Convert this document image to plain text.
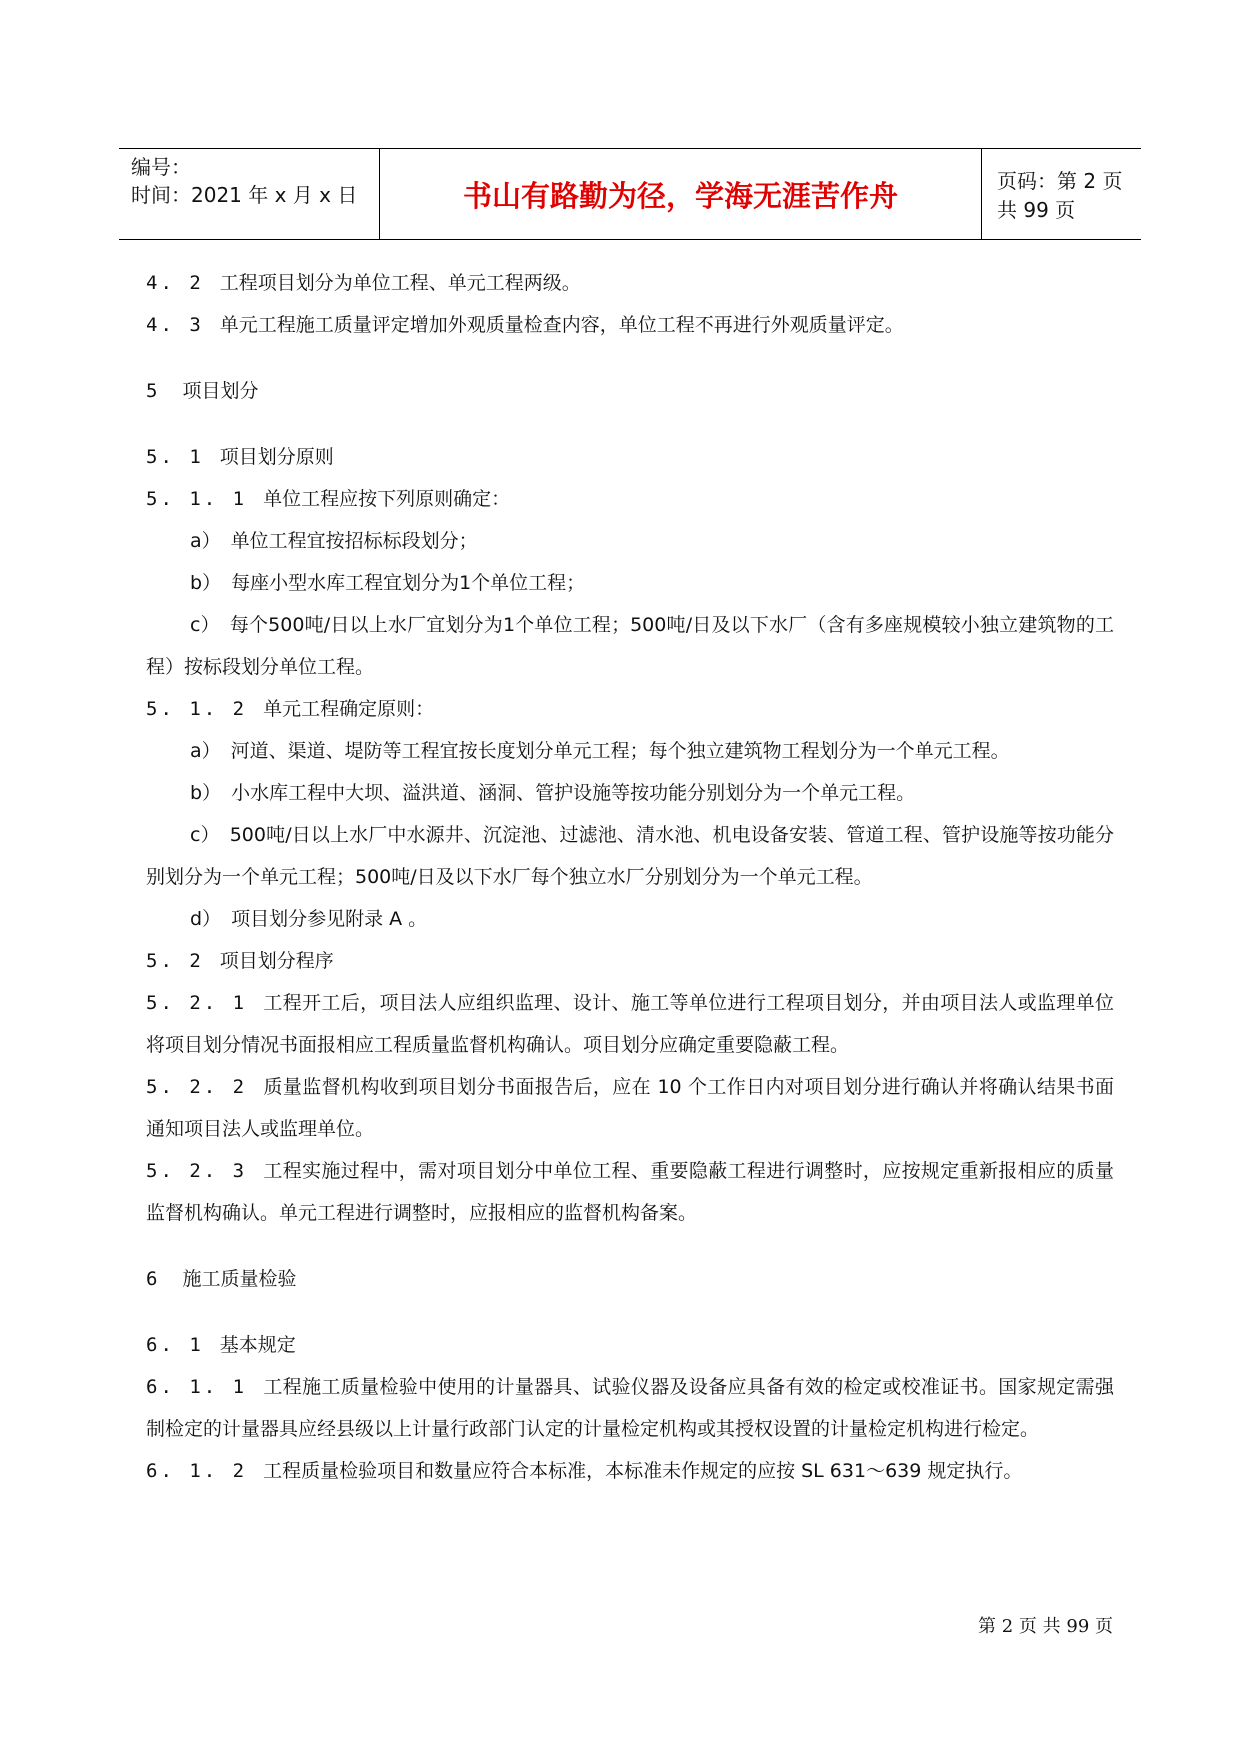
编号：
时间：2021 年 x 月 x 日	书山有路勤为径，学海无涯苦作舟	页码：第 2 页 共 99 页
4. 2 工程项目划分为单位工程、单元工程两级。
4. 3 单元工程施工质量评定增加外观质量检查内容，单位工程不再进行外观质量评定。
5 项目划分
5. 1 项目划分原则
5. 1. 1 单位工程应按下列原则确定：
a） 单位工程宜按招标标段划分；
b） 每座小型水库工程宜划分为1个单位工程；
c） 每个500吨/日以上水厂宜划分为1个单位工程；500吨/日及以下水厂（含有多座规模较小独立建筑物的工程）按标段划分单位工程。
5. 1. 2 单元工程确定原则：
a） 河道、渠道、堤防等工程宜按长度划分单元工程；每个独立建筑物工程划分为一个单元工程。
b） 小水库工程中大坝、溢洪道、涵洞、管护设施等按功能分别划分为一个单元工程。
c） 500吨/日以上水厂中水源井、沉淀池、过滤池、清水池、机电设备安装、管道工程、管护设施等按功能分别划分为一个单元工程；500吨/日及以下水厂每个独立水厂分别划分为一个单元工程。
d） 项目划分参见附录 A 。
5. 2 项目划分程序
5. 2. 1 工程开工后，项目法人应组织监理、设计、施工等单位进行工程项目划分，并由项目法人或监理单位将项目划分情况书面报相应工程质量监督机构确认。项目划分应确定重要隐蔽工程。
5. 2. 2 质量监督机构收到项目划分书面报告后，应在 10 个工作日内对项目划分进行确认并将确认结果书面通知项目法人或监理单位。
5. 2. 3 工程实施过程中，需对项目划分中单位工程、重要隐蔽工程进行调整时，应按规定重新报相应的质量监督机构确认。单元工程进行调整时，应报相应的监督机构备案。
6 施工质量检验
6. 1 基本规定
6. 1. 1 工程施工质量检验中使用的计量器具、试验仪器及设备应具备有效的检定或校准证书。国家规定需强制检定的计量器具应经县级以上计量行政部门认定的计量检定机构或其授权设置的计量检定机构进行检定。
6. 1. 2 工程质量检验项目和数量应符合本标准，本标准未作规定的应按 SL 631～639 规定执行。
第 2 页 共 99 页
